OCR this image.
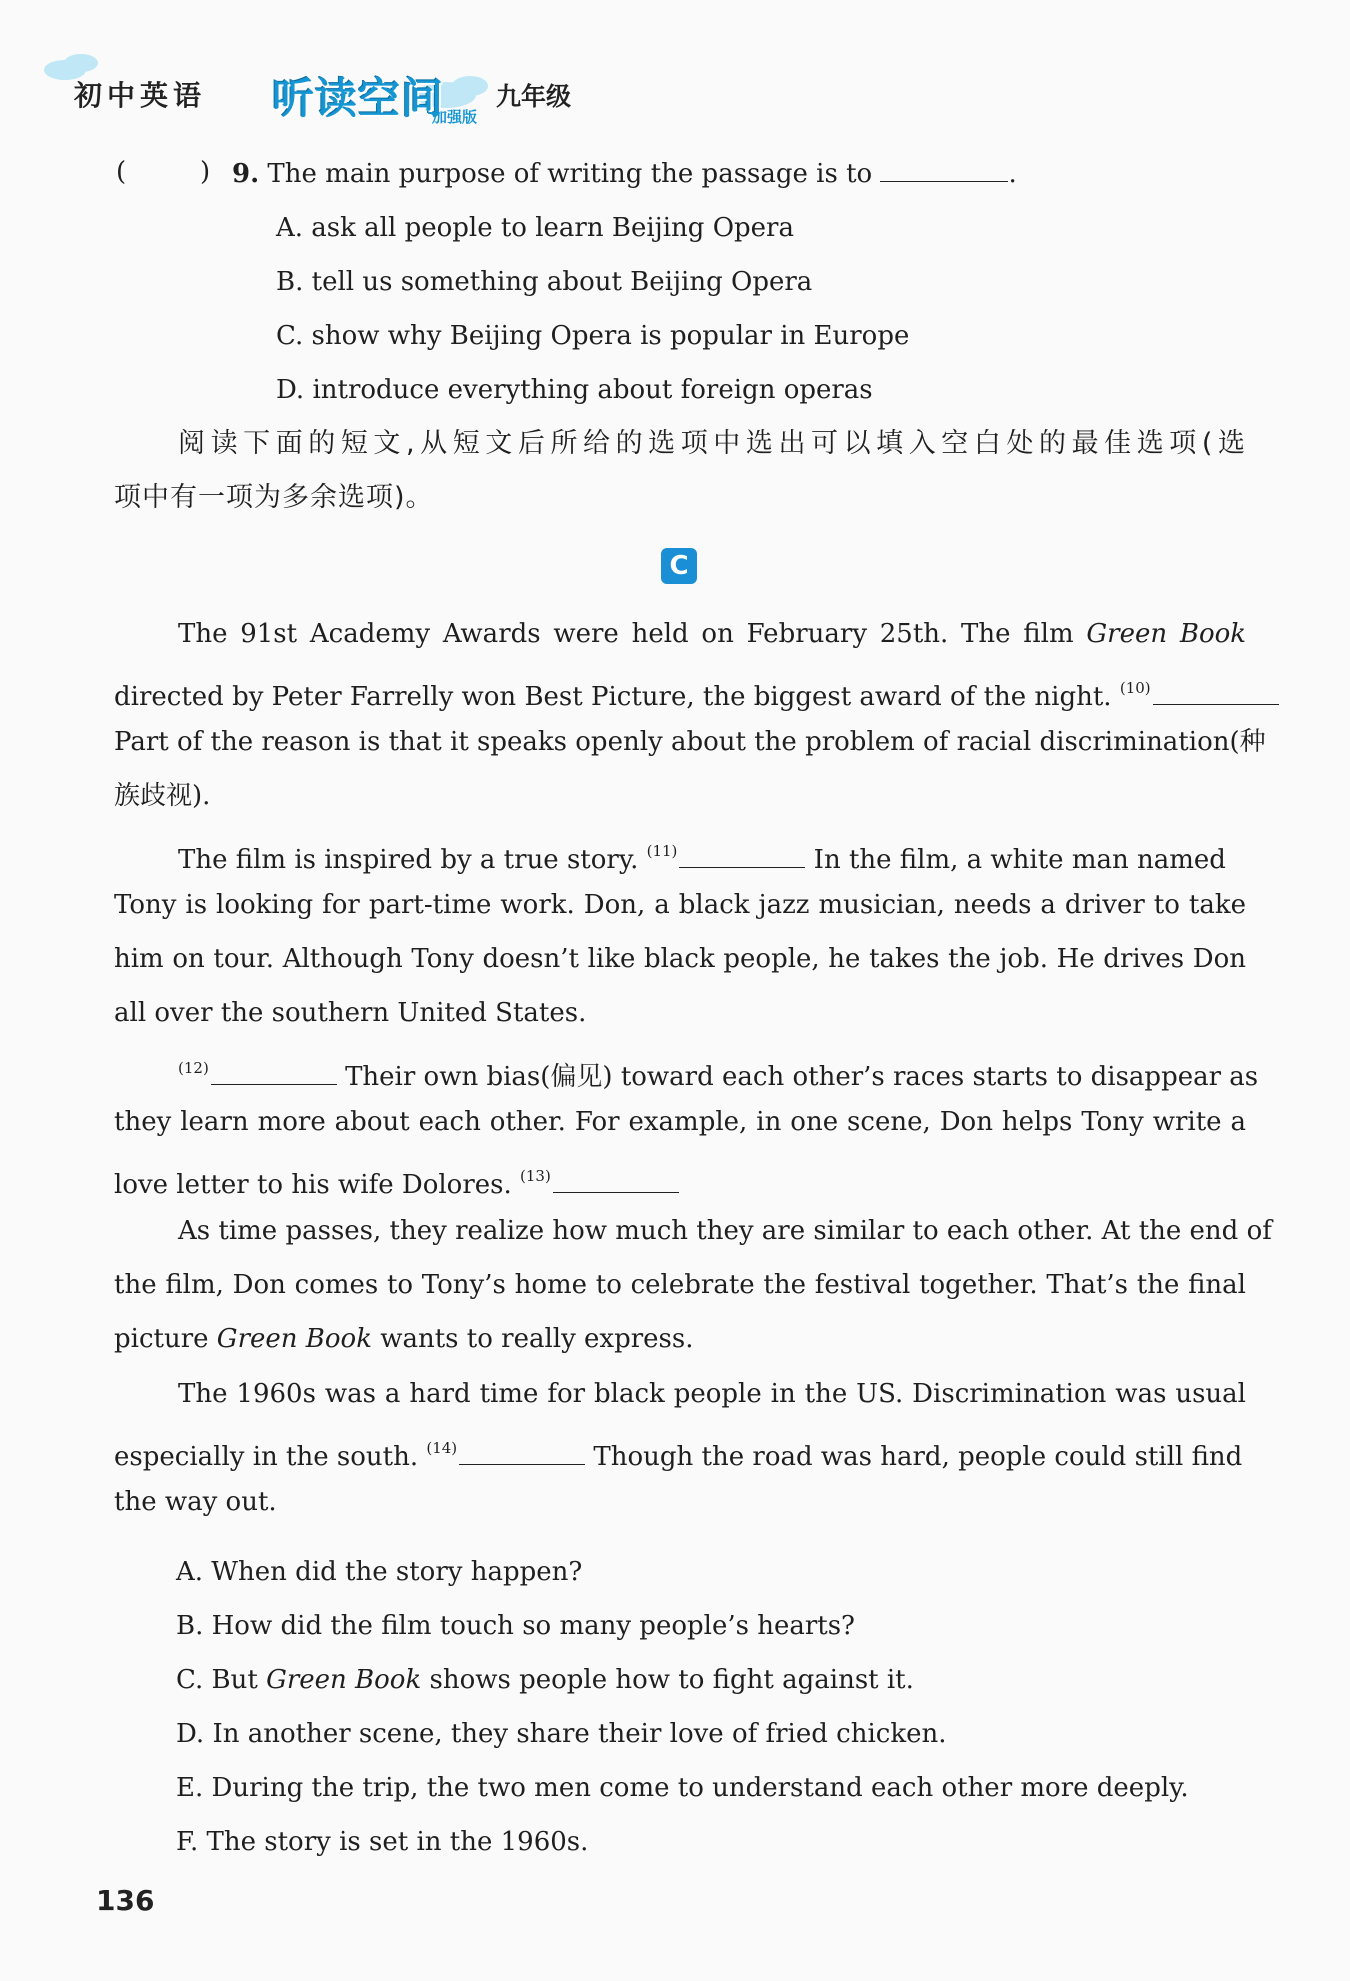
初中英语 听读空间
加强版
九年级
(	) 9. The main purpose of writing the passage is to	.
A. ask all people to learn Beijing Opera
B. tell us something about Beijing Opera
C. show why Beijing Opera is popular in Europe
D. introduce everything about foreign operas
阅读下面的短文,从短文后所给的选项中选出可以填入空白处的最佳选项(选
项中有一项为多余选项)。
C
The 91st Academy Awards were held on February 25th. The film Green Book
directed by Peter Farrelly won Best Picture, the biggest award of the night. $^{(10)}$
Part of the reason is that it speaks openly about the problem of racial discrimination(种
族歧视).
The film is inspired by a true story. $^{(11)}$	In the film, a white man named
Tony is looking for part-time work. Don, a black jazz musician, needs a driver to take
him on tour. Although Tony doesn’t like black people, he takes the job. He drives Don
all over the southern United States.
$^{(12)}$	Their own bias(偏见) toward each other’s races starts to disappear as
they learn more about each other. For example, in one scene, Don helps Tony write a
love letter to his wife Dolores. $^{(13)}$
As time passes, they realize how much they are similar to each other. At the end of
the film, Don comes to Tony’s home to celebrate the festival together. That’s the final
picture Green Book wants to really express.
The 1960s was a hard time for black people in the US. Discrimination was usual
especially in the south. $^{(14)}$	Though the road was hard, people could still find
the way out.
A. When did the story happen?
B. How did the film touch so many people’s hearts?
C. But Green Book shows people how to fight against it.
D. In another scene, they share their love of fried chicken.
E. During the trip, the two men come to understand each other more deeply.
F. The story is set in the 1960s.
136
